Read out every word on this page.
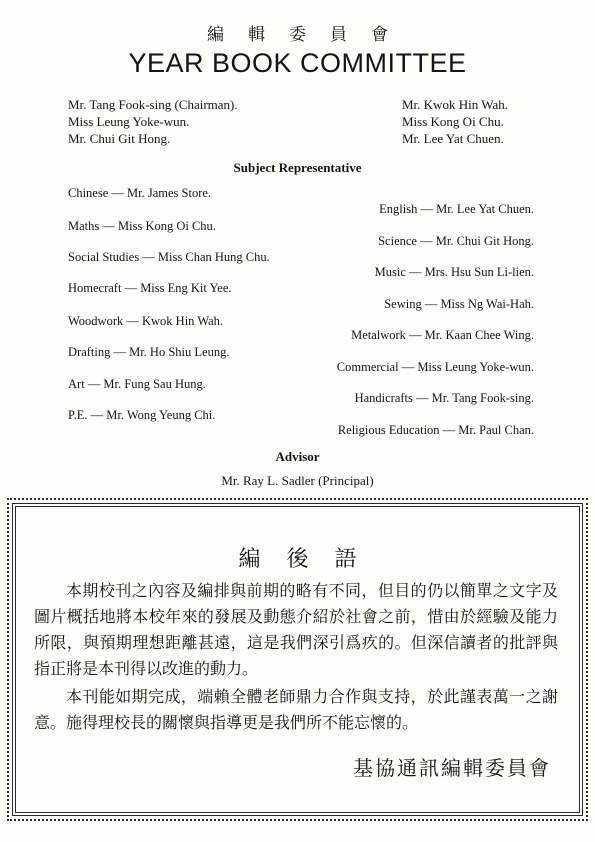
編輯委員會
YEAR BOOK COMMITTEE
Mr. Tang Fook-sing (Chairman).
Miss Leung Yoke-wun.
Mr. Chui Git Hong.
Mr. Kwok Hin Wah.
Miss Kong Oi Chu.
Mr. Lee Yat Chuen.
Subject Representative
Chinese — Mr. James Store.
Maths — Miss Kong Oi Chu.
Social Studies — Miss Chan Hung Chu.
Homecraft — Miss Eng Kit Yee.
Woodwork — Kwok Hin Wah.
Drafting — Mr. Ho Shiu Leung.
Art — Mr. Fung Sau Hung.
P.E. — Mr. Wong Yeung Chi.
English — Mr. Lee Yat Chuen.
Science — Mr. Chui Git Hong.
Music — Mrs. Hsu Sun Li-lien.
Sewing — Miss Ng Wai-Hah.
Metalwork — Mr. Kaan Chee Wing.
Commercial — Miss Leung Yoke-wun.
Handicrafts — Mr. Tang Fook-sing.
Religious Education — Mr. Paul Chan.
Advisor
Mr. Ray L. Sadler (Principal)
編後語

本期校刊之內容及編排與前期的略有不同，但目的仍以簡單之文字及圖片概括地將本校年來的發展及動態介紹於社會之前，惜由於經驗及能力所限，與預期理想距離甚遠，這是我們深引爲疚的。但深信讀者的批評與指正將是本刊得以改進的動力。

本刊能如期完成，端賴全體老師鼎力合作與支持，於此謹表萬一之謝意。施得理校長的關懷與指導更是我們所不能忘懷的。

基協通訊編輯委員會
